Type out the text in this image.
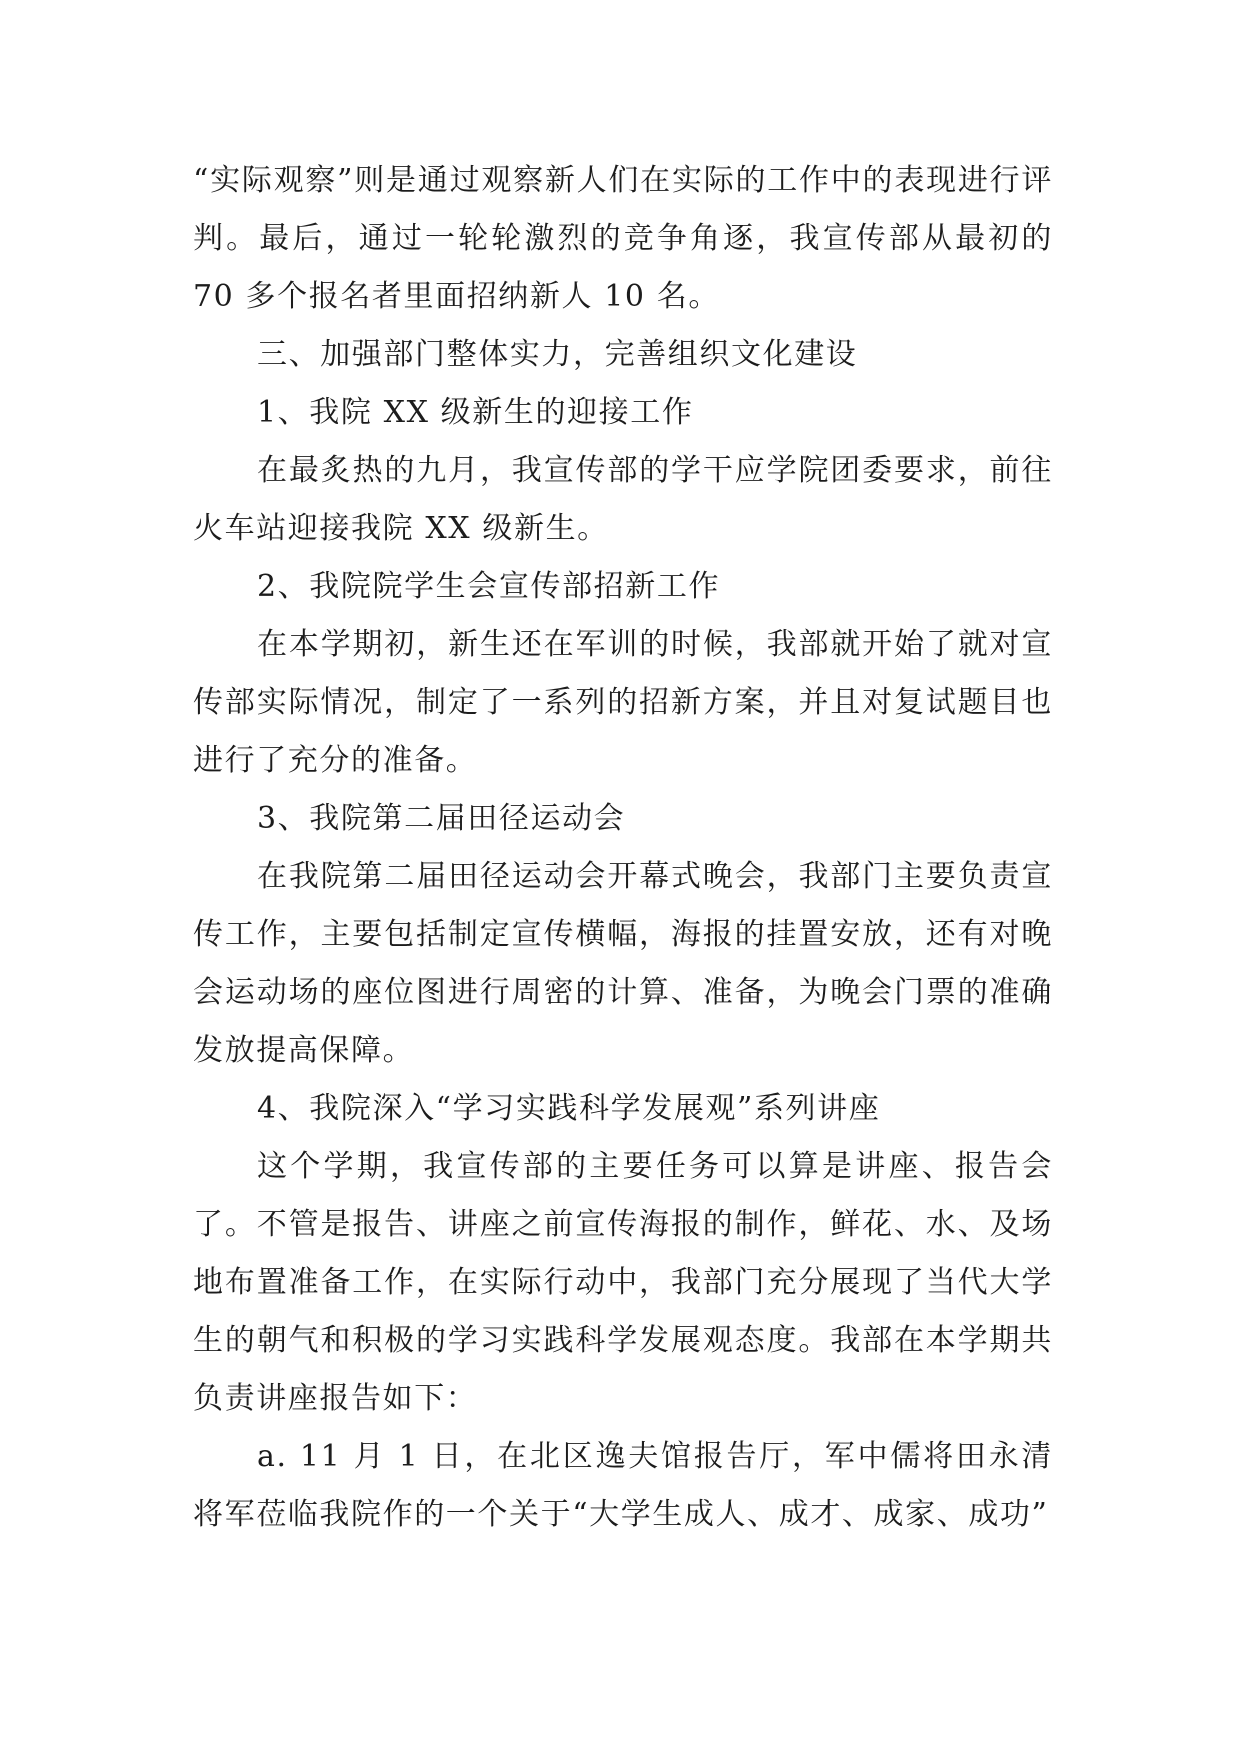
“实际观察”则是通过观察新人们在实际的工作中的表现进行评判。最后，通过一轮轮激烈的竞争角逐，我宣传部从最初的 70 多个报名者里面招纳新人 10 名。

三、加强部门整体实力，完善组织文化建设

1、我院 XX 级新生的迎接工作

在最炙热的九月，我宣传部的学干应学院团委要求，前往火车站迎接我院 XX 级新生。

2、我院院学生会宣传部招新工作

在本学期初，新生还在军训的时候，我部就开始了就对宣传部实际情况，制定了一系列的招新方案，并且对复试题目也进行了充分的准备。

3、我院第二届田径运动会

在我院第二届田径运动会开幕式晚会，我部门主要负责宣传工作，主要包括制定宣传横幅，海报的挂置安放，还有对晚会运动场的座位图进行周密的计算、准备，为晚会门票的准确发放提高保障。

4、我院深入“学习实践科学发展观”系列讲座

这个学期，我宣传部的主要任务可以算是讲座、报告会了。不管是报告、讲座之前宣传海报的制作，鲜花、水、及场地布置准备工作，在实际行动中，我部门充分展现了当代大学生的朝气和积极的学习实践科学发展观态度。我部在本学期共负责讲座报告如下：

a. 11 月 1 日，在北区逸夫馆报告厅，军中儒将田永清将军莅临我院作的一个关于“大学生成人、成才、成家、成功”
